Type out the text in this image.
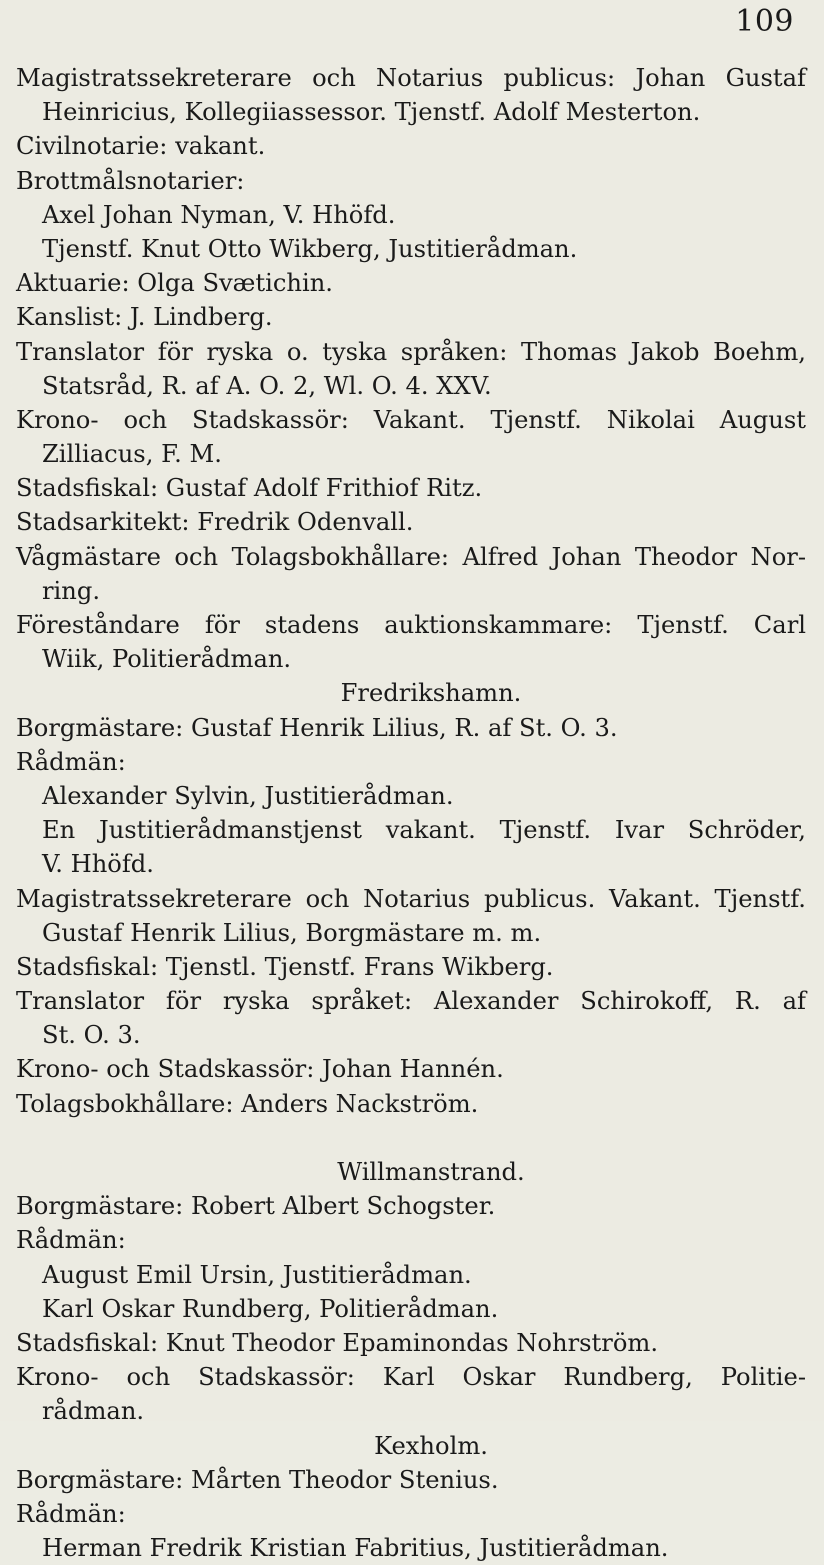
109
Magistratssekreterare och Notarius publicus: Johan Gustaf
Heinricius, Kollegiiassessor. Tjenstf. Adolf Mesterton.
Civilnotarie: vakant.
Brottmålsnotarier:
Axel Johan Nyman, V. Hhöfd.
Tjenstf. Knut Otto Wikberg, Justitierådman.
Aktuarie: Olga Svætichin.
Kanslist: J. Lindberg.
Translator för ryska o. tyska språken: Thomas Jakob Boehm,
Statsråd, R. af A. O. 2, Wl. O. 4. XXV.
Krono- och Stadskassör: Vakant. Tjenstf. Nikolai August
Zilliacus, F. M.
Stadsfiskal: Gustaf Adolf Frithiof Ritz.
Stadsarkitekt: Fredrik Odenvall.
Vågmästare och Tolagsbokhållare: Alfred Johan Theodor Nor-
ring.
Föreståndare för stadens auktionskammare: Tjenstf. Carl
Wiik, Politierådman.
Fredrikshamn.
Borgmästare: Gustaf Henrik Lilius, R. af St. O. 3.
Rådmän:
Alexander Sylvin, Justitierådman.
En Justitierådmanstjenst vakant. Tjenstf. Ivar Schröder,
V. Hhöfd.
Magistratssekreterare och Notarius publicus. Vakant. Tjenstf.
Gustaf Henrik Lilius, Borgmästare m. m.
Stadsfiskal: Tjenstl. Tjenstf. Frans Wikberg.
Translator för ryska språket: Alexander Schirokoff, R. af
St. O. 3.
Krono- och Stadskassör: Johan Hannén.
Tolagsbokhållare: Anders Nackström.
Willmanstrand.
Borgmästare: Robert Albert Schogster.
Rådmän:
August Emil Ursin, Justitierådman.
Karl Oskar Rundberg, Politierådman.
Stadsfiskal: Knut Theodor Epaminondas Nohrström.
Krono- och Stadskassör: Karl Oskar Rundberg, Politie-
rådman.
Kexholm.
Borgmästare: Mårten Theodor Stenius.
Rådmän:
Herman Fredrik Kristian Fabritius, Justitierådman.
